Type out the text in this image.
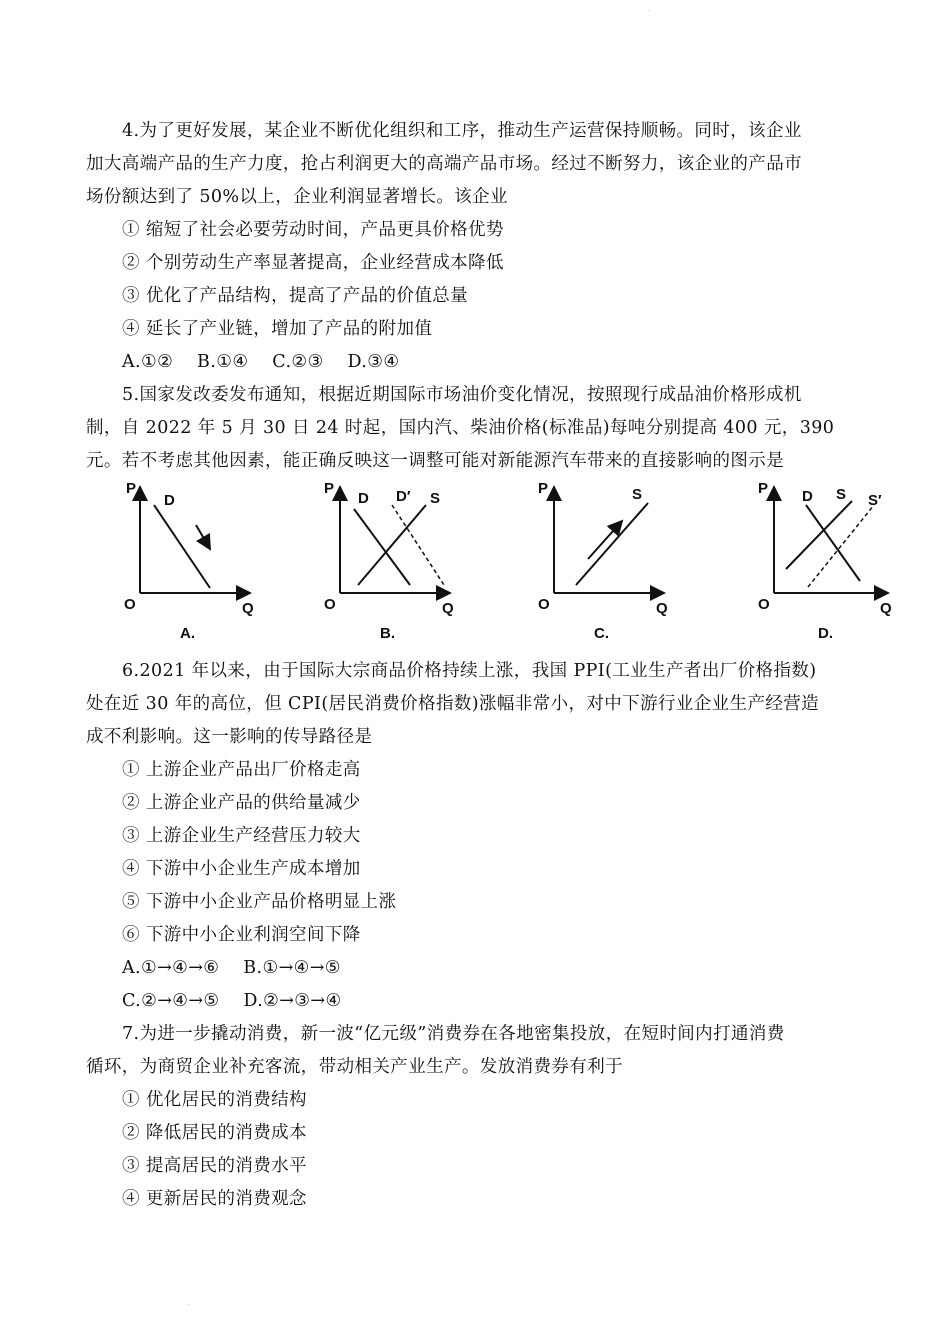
.
4.为了更好发展，某企业不断优化组织和工序，推动生产运营保持顺畅。同时，该企业
加大高端产品的生产力度，抢占利润更大的高端产品市场。经过不断努力，该企业的产品市
场份额达到了 50%以上，企业利润显著增长。该企业
① 缩短了社会必要劳动时间，产品更具价格优势
② 个别劳动生产率显著提高，企业经营成本降低
③ 优化了产品结构，提高了产品的价值总量
④ 延长了产业链，增加了产品的附加值
A.①②　 B.①④　 C.②③　 D.③④
5.国家发改委发布通知，根据近期国际市场油价变化情况，按照现行成品油价格形成机
制，自 2022 年 5 月 30 日 24 时起，国内汽、柴油价格(标准品)每吨分别提高 400 元，390
元。若不考虑其他因素，能正确反映这一调整可能对新能源汽车带来的直接影响的图示是
P
D
O	Q
A.
P
D D′ S
O	Q
B.
P	S
O	Q
C.
P D S S′
O	Q
D.
6.2021 年以来，由于国际大宗商品价格持续上涨，我国 PPI(工业生产者出厂价格指数)
处在近 30 年的高位，但 CPI(居民消费价格指数)涨幅非常小，对中下游行业企业生产经营造
成不利影响。这一影响的传导路径是
① 上游企业产品出厂价格走高
② 上游企业产品的供给量减少
③ 上游企业生产经营压力较大
④ 下游中小企业生产成本增加
⑤ 下游中小企业产品价格明显上涨
⑥ 下游中小企业利润空间下降
A.①→④→⑥　 B.①→④→⑤
C.②→④→⑤　 D.②→③→④
7.为进一步撬动消费，新一波“亿元级”消费券在各地密集投放，在短时间内打通消费
循环，为商贸企业补充客流，带动相关产业生产。发放消费券有利于
① 优化居民的消费结构
② 降低居民的消费成本
③ 提高居民的消费水平
④ 更新居民的消费观念
.
